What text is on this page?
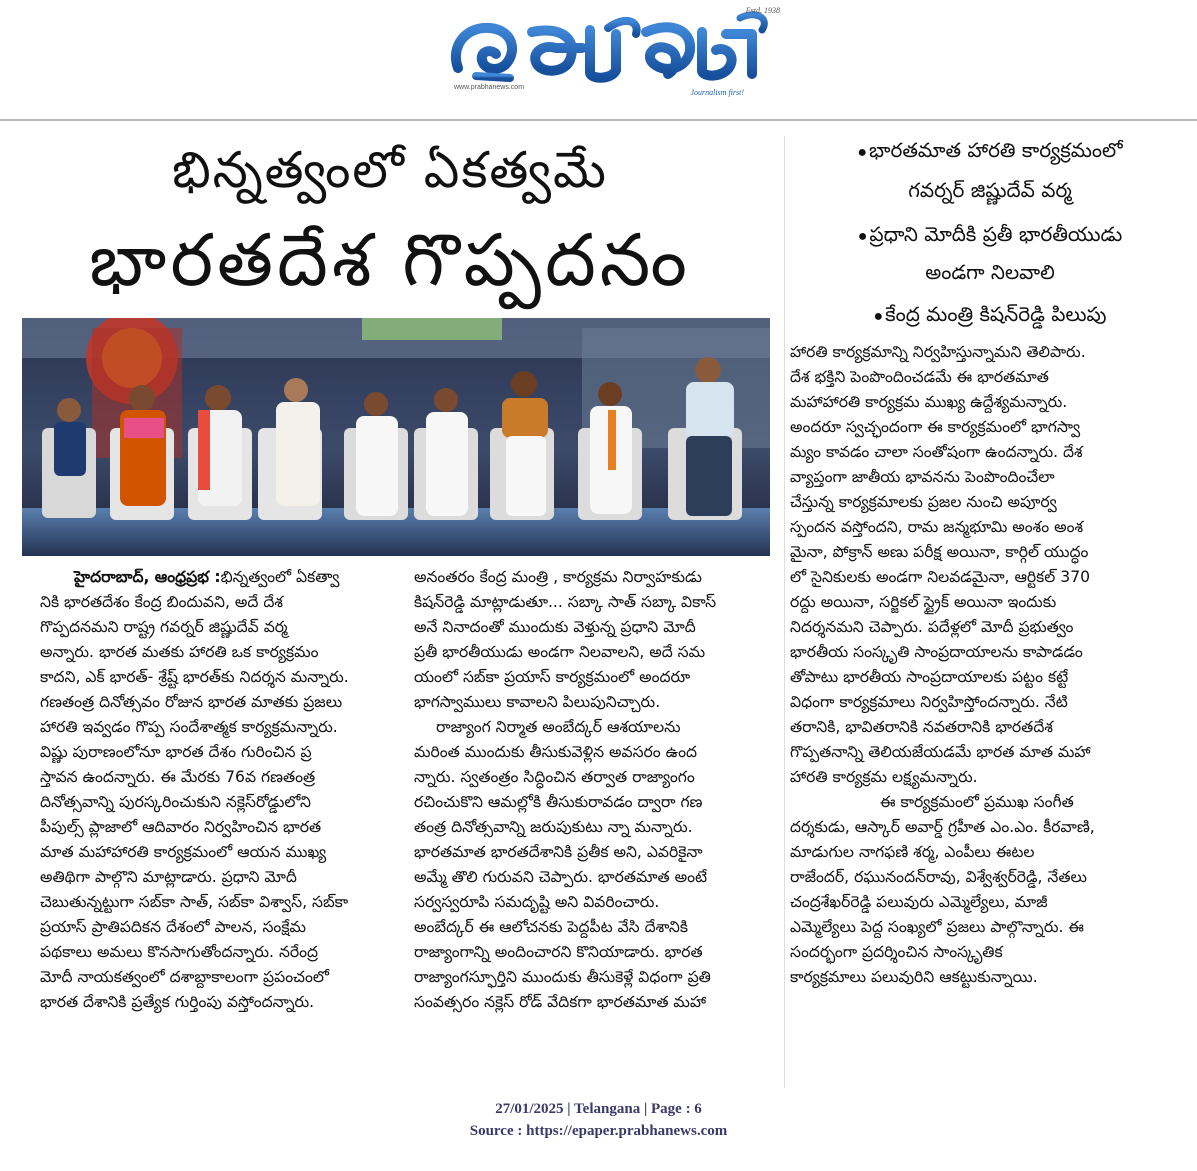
Estd. 1938
www.prabhanews.com
Journalism first!
భిన్నత్వంలో ఏకత్వమే
భారతదేశ గొప్పదనం
● భారతమాత హారతి కార్యక్రమంలో
గవర్నర్ జిష్ణుదేవ్ వర్మ
● ప్రధాని మోదీకి ప్రతీ భారతీయుడు
అండగా నిలవాలి
● కేంద్ర మంత్రి కిషన్‌రెడ్డి పిలుపు

హైదరాబాద్, ఆంధ్రప్రభ :భిన్నత్వంలో ఏకత్వా

నికి భారతదేశం కేంద్ర బిందువని, అదే దేశ

గొప్పదనమని రాష్ట్ర గవర్నర్ జిష్ణుదేవ్ వర్మ

అన్నారు. భారత మతకు హారతి ఒక కార్యక్రమం

కాదని, ఎక్ భారత్- శ్రేష్ట్ భారత్‌కు నిదర్శన మన్నారు.

గణతంత్ర దినోత్సవం రోజున భారత మాతకు ప్రజలు

హారతి ఇవ్వడం గొప్ప సందేశాత్మక కార్యక్రమన్నారు.

విష్ణు పురాణంలోనూ భారత దేశం గురించిన ప్ర

స్తావన ఉందన్నారు. ఈ మేరకు 76వ గణతంత్ర

దినోత్సవాన్ని పురస్కరించుకుని నక్లెస్‌రోడ్డులోని

పీపుల్స్ ప్లాజాలో ఆదివారం నిర్వహించిన భారత

మాత మహాహారతి కార్యక్రమంలో ఆయన ముఖ్య

అతిథిగా పాల్గొని మాట్లాడారు. ప్రధాని మోదీ

చెబుతున్నట్టుగా సబ్‌కా సాత్, సబ్‌కా విశ్వాస్, సబ్‌కా

ప్రయాస్ ప్రాతిపదికన దేశంలో పాలన, సంక్షేమ

పథకాలు అమలు కొనసాగుతోందన్నారు. నరేంద్ర

మోదీ నాయకత్వంలో దశాబ్దాకాలంగా ప్రపంచంలో

భారత దేశానికి ప్రత్యేక గుర్తింపు వస్తోందన్నారు.

అనంతరం కేంద్ర మంత్రి , కార్యక్రమ నిర్వాహకుడు

కిషన్‌రెడ్డి మాట్లాడుతూ... సబ్కా సాత్ సబ్కా వికాస్

అనే నినాదంతో ముందుకు వెళ్తున్న ప్రధాని మోదీ

ప్రతీ భారతీయుడు అండగా నిలవాలని, అదే సమ

యంలో సబ్‌కా ప్రయాస్ కార్యక్రమంలో అందరూ

భాగస్వాములు కావాలని పిలుపునిచ్చారు.

రాజ్యాంగ నిర్మాత అంబేద్కర్ ఆశయాలను

మరింత ముందుకు తీసుకువెళ్లిన అవసరం ఉంద

న్నారు. స్వతంత్రం సిద్ధించిన తర్వాత రాజ్యాంగం

రచించుకొని ఆమల్లోకి తీసుకురావడం ద్వారా గణ

తంత్ర దినోత్సవాన్ని జరుపుకుటు న్నా మన్నారు.

భారతమాత భారతదేశానికి ప్రతీక అని, ఎవరికైనా

అమ్మే తొలి గురువని చెప్పారు. భారతమాత అంటే

సర్వస్వరూపి సమదృష్టి అని వివరించారు.

అంబేద్కర్ ఈ ఆలోచనకు పెద్దపీట వేసి దేశానికి

రాజ్యాంగాన్ని అందించారని కొనియాడారు. భారత

రాజ్యాంగస్ఫూర్తిని ముందుకు తీసుకెళ్లే విధంగా ప్రతి

సంవత్సరం నక్లెస్ రోడ్ వేదికగా భారతమాత మహా

హారతి కార్యక్రమాన్ని నిర్వహిస్తున్నామని తెలిపారు.

దేశ భక్తిని పెంపొందించడమే ఈ భారతమాత

మహాహారతి కార్యక్రమ ముఖ్య ఉద్దేశ్యమన్నారు.

అందరూ స్వచ్ఛందంగా ఈ కార్యక్రమంలో భాగస్వా

మ్యం కావడం చాలా సంతోషంగా ఉందన్నారు. దేశ

వ్యాప్తంగా జాతీయ భావనను పెంపొందించేలా

చేస్తున్న కార్యక్రమాలకు ప్రజల నుంచి అపూర్వ

స్పందన వస్తోందని, రామ జన్మభూమి అంశం అంశ

మైనా, పోక్రాన్ అణు పరీక్ష అయినా, కార్గిల్ యుద్ధం

లో సైనికులకు అండగా నిలవడమైనా, ఆర్టికల్ 370

రద్దు అయినా, సర్జికల్ స్ట్రైక్ అయినా ఇందుకు

నిదర్శనమని చెప్పారు. పదేళ్లలో మోదీ ప్రభుత్వం

భారతీయ సంస్కృతి సాంప్రదాయాలను కాపాడడం

తోపాటు భారతీయ సాంప్రదాయాలకు పట్టం కట్టే

విధంగా కార్యక్రమాలు నిర్వహిస్తోందన్నారు. నేటి

తరానికి, భావితరానికి నవతరానికి భారతదేశ

గొప్పతనాన్ని తెలియజేయడమే భారత మాత మహా

హారతి కార్యక్రమ లక్ష్యమన్నారు.

ఈ కార్యక్రమంలో ప్రముఖ సంగీత

దర్శకుడు, ఆస్కార్ అవార్డ్ గ్రహీత ఎం.ఎం. కీరవాణి,

మాడుగుల నాగఫణి శర్మ, ఎంపీలు ఈటల

రాజేందర్, రఘునందన్‌రావు, విశ్వేశ్వర్‌రెడ్డి, నేతలు

చంద్రశేఖర్‌రెడ్డి పలువురు ఎమ్మెల్యేలు, మాజీ

ఎమ్మెల్యేలు పెద్ద సంఖ్యలో ప్రజలు పాల్గొన్నారు. ఈ

సందర్భంగా ప్రదర్శించిన సాంస్కృతిక

కార్యక్రమాలు పలువురిని ఆకట్టుకున్నాయి.

27/01/2025 | Telangana | Page : 6
Source : https://epaper.prabhanews.com
